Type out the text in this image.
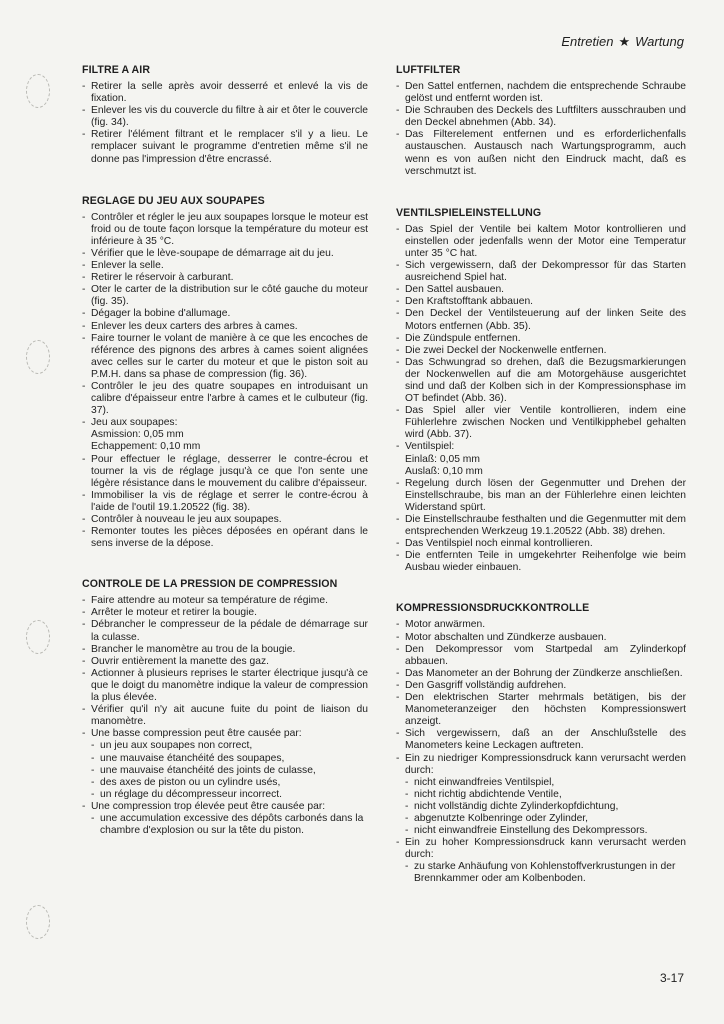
Entretien ★ Wartung
FILTRE A AIR
- Retirer la selle après avoir desserré et enlevé la vis de fixation.
- Enlever les vis du couvercle du filtre à air et ôter le couvercle (fig. 34).
- Retirer l'élément filtrant et le remplacer s'il y a lieu. Le remplacer suivant le programme d'entretien même s'il ne donne pas l'impression d'être encrassé.
REGLAGE DU JEU AUX SOUPAPES
- Contrôler et régler le jeu aux soupapes lorsque le moteur est froid ou de toute façon lorsque la température du moteur est inférieure à 35 °C.
- Vérifier que le lève-soupape de démarrage ait du jeu.
- Enlever la selle.
- Retirer le réservoir à carburant.
- Oter le carter de la distribution sur le côté gauche du moteur (fig. 35).
- Dégager la bobine d'allumage.
- Enlever les deux carters des arbres à cames.
- Faire tourner le volant de manière à ce que les encoches de référence des pignons des arbres à cames soient alignées avec celles sur le carter du moteur et que le piston soit au P.M.H. dans sa phase de compression (fig. 36).
- Contrôler le jeu des quatre soupapes en introduisant un calibre d'épaisseur entre l'arbre à cames et le culbuteur (fig. 37).
- Jeu aux soupapes:
Asmission: 0,05 mm
Echappement: 0,10 mm
- Pour effectuer le réglage, desserrer le contre-écrou et tourner la vis de réglage jusqu'à ce que l'on sente une légère résistance dans le mouvement du calibre d'épaisseur.
- Immobiliser la vis de réglage et serrer le contre-écrou à l'aide de l'outil 19.1.20522 (fig. 38).
- Contrôler à nouveau le jeu aux soupapes.
- Remonter toutes les pièces déposées en opérant dans le sens inverse de la dépose.
CONTROLE DE LA PRESSION DE COMPRESSION
- Faire attendre au moteur sa température de régime.
- Arrêter le moteur et retirer la bougie.
- Débrancher le compresseur de la pédale de démarrage sur la culasse.
- Brancher le manomètre au trou de la bougie.
- Ouvrir entièrement la manette des gaz.
- Actionner à plusieurs reprises le starter électrique jusqu'à ce que le doigt du manomètre indique la valeur de compression la plus élevée.
- Vérifier qu'il n'y ait aucune fuite du point de liaison du manomètre.
- Une basse compression peut être causée par:
- un jeu aux soupapes non correct,
- une mauvaise étanchéité des soupapes,
- une mauvaise étanchéité des joints de culasse,
- des axes de piston ou un cylindre usés,
- un réglage du décompresseur incorrect.
- Une compression trop élevée peut être causée par:
- une accumulation excessive des dépôts carbonés dans la chambre d'explosion ou sur la tête du piston.
LUFTFILTER
- Den Sattel entfernen, nachdem die entsprechende Schraube gelöst und entfernt worden ist.
- Die Schrauben des Deckels des Luftfilters ausschrauben und den Deckel abnehmen (Abb. 34).
- Das Filterelement entfernen und es erforderlichenfalls austauschen. Austausch nach Wartungsprogramm, auch wenn es von außen nicht den Eindruck macht, daß es verschmutzt ist.
VENTILSPIELEINSTELLUNG
- Das Spiel der Ventile bei kaltem Motor kontrollieren und einstellen oder jedenfalls wenn der Motor eine Temperatur unter 35 °C hat.
- Sich vergewissern, daß der Dekompressor für das Starten ausreichend Spiel hat.
- Den Sattel ausbauen.
- Den Kraftstofftank abbauen.
- Den Deckel der Ventilsteuerung auf der linken Seite des Motors entfernen (Abb. 35).
- Die Zündspule entfernen.
- Die zwei Deckel der Nockenwelle entfernen.
- Das Schwungrad so drehen, daß die Bezugsmarkierungen der Nockenwellen auf die am Motorgehäuse ausgerichtet sind und daß der Kolben sich in der Kompressionsphase im OT befindet (Abb. 36).
- Das Spiel aller vier Ventile kontrollieren, indem eine Fühlerlehre zwischen Nocken und Ventilkipphebel gehalten wird (Abb. 37).
- Ventilspiel:
Einlaß: 0,05 mm
Auslaß: 0,10 mm
- Regelung durch lösen der Gegenmutter und Drehen der Einstellschraube, bis man an der Fühlerlehre einen leichten Widerstand spürt.
- Die Einstellschraube festhalten und die Gegenmutter mit dem entsprechenden Werkzeug 19.1.20522 (Abb. 38) drehen.
- Das Ventilspiel noch einmal kontrollieren.
- Die entfernten Teile in umgekehrter Reihenfolge wie beim Ausbau wieder einbauen.
KOMPRESSIONSDRUCKKONTROLLE
- Motor anwärmen.
- Motor abschalten und Zündkerze ausbauen.
- Den Dekompressor vom Startpedal am Zylinderkopf abbauen.
- Das Manometer an der Bohrung der Zündkerze anschließen.
- Den Gasgriff vollständig aufdrehen.
- Den elektrischen Starter mehrmals betätigen, bis der Manometeranzeiger den höchsten Kompressionswert anzeigt.
- Sich vergewissern, daß an der Anschlußstelle des Manometers keine Leckagen auftreten.
- Ein zu niedriger Kompressionsdruck kann verursacht werden durch:
- nicht einwandfreies Ventilspiel,
- nicht richtig abdichtende Ventile,
- nicht vollständig dichte Zylinderkopfdichtung,
- abgenutzte Kolbenringe oder Zylinder,
- nicht einwandfreie Einstellung des Dekompressors.
- Ein zu hoher Kompressionsdruck kann verursacht werden durch:
- zu starke Anhäufung von Kohlenstoffverkrustungen in der Brennkammer oder am Kolbenboden.
3-17
